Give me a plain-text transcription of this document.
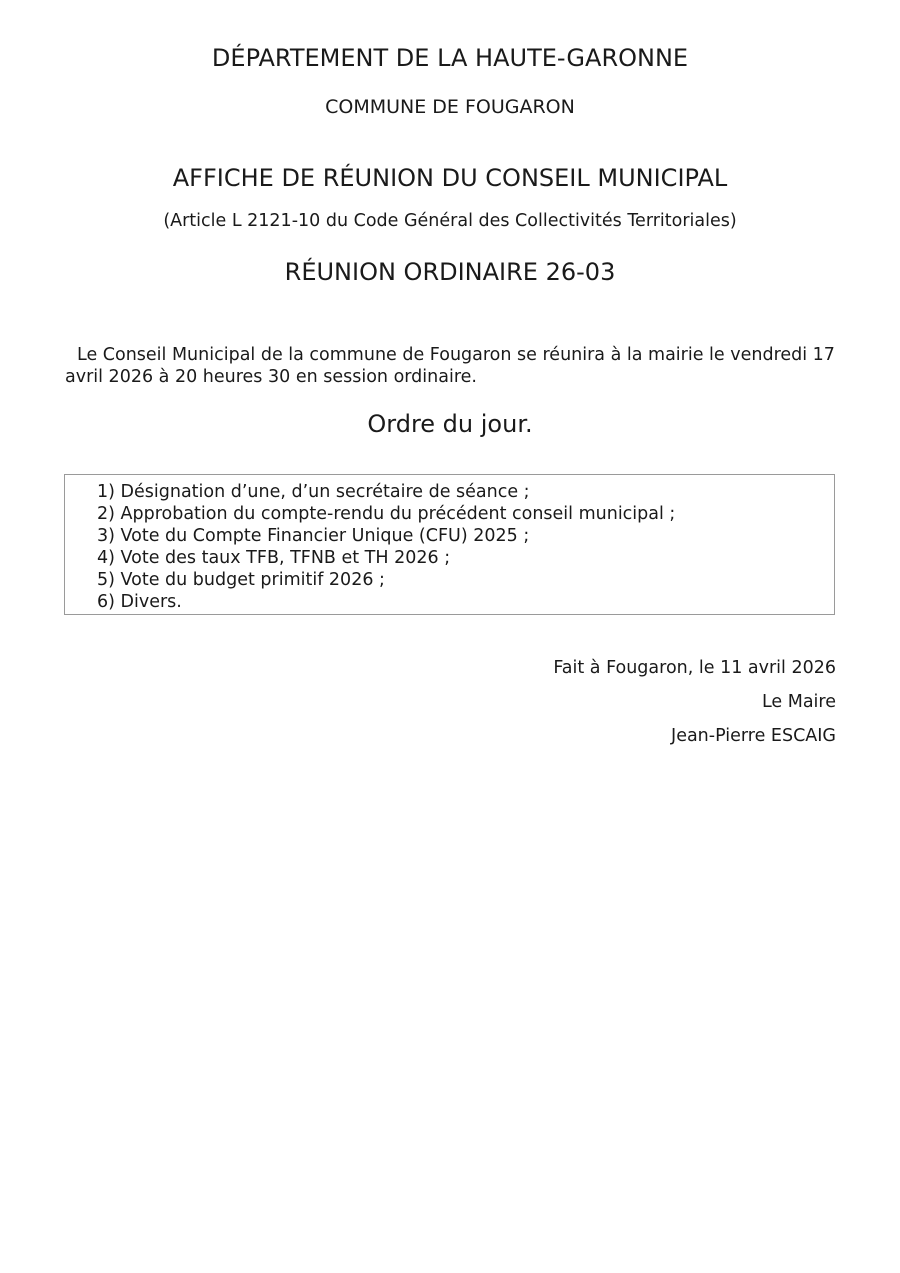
DÉPARTEMENT DE LA HAUTE-GARONNE
COMMUNE DE FOUGARON
AFFICHE DE RÉUNION DU CONSEIL MUNICIPAL
(Article L 2121-10 du Code Général des Collectivités Territoriales)
RÉUNION ORDINAIRE 26-03

Le Conseil Municipal de la commune de Fougaron se réunira à la mairie le vendredi 17 avril 2026 à 20 heures 30 en session ordinaire.

Ordre du jour.
1) Désignation d’une, d’un secrétaire de séance ;
2) Approbation du compte-rendu du précédent conseil municipal ;
3) Vote du Compte Financier Unique (CFU) 2025 ;
4) Vote des taux TFB, TFNB et TH 2026 ;
5) Vote du budget primitif 2026 ;
6) Divers.
Fait à Fougaron, le 11 avril 2026
Le Maire
Jean-Pierre ESCAIG
